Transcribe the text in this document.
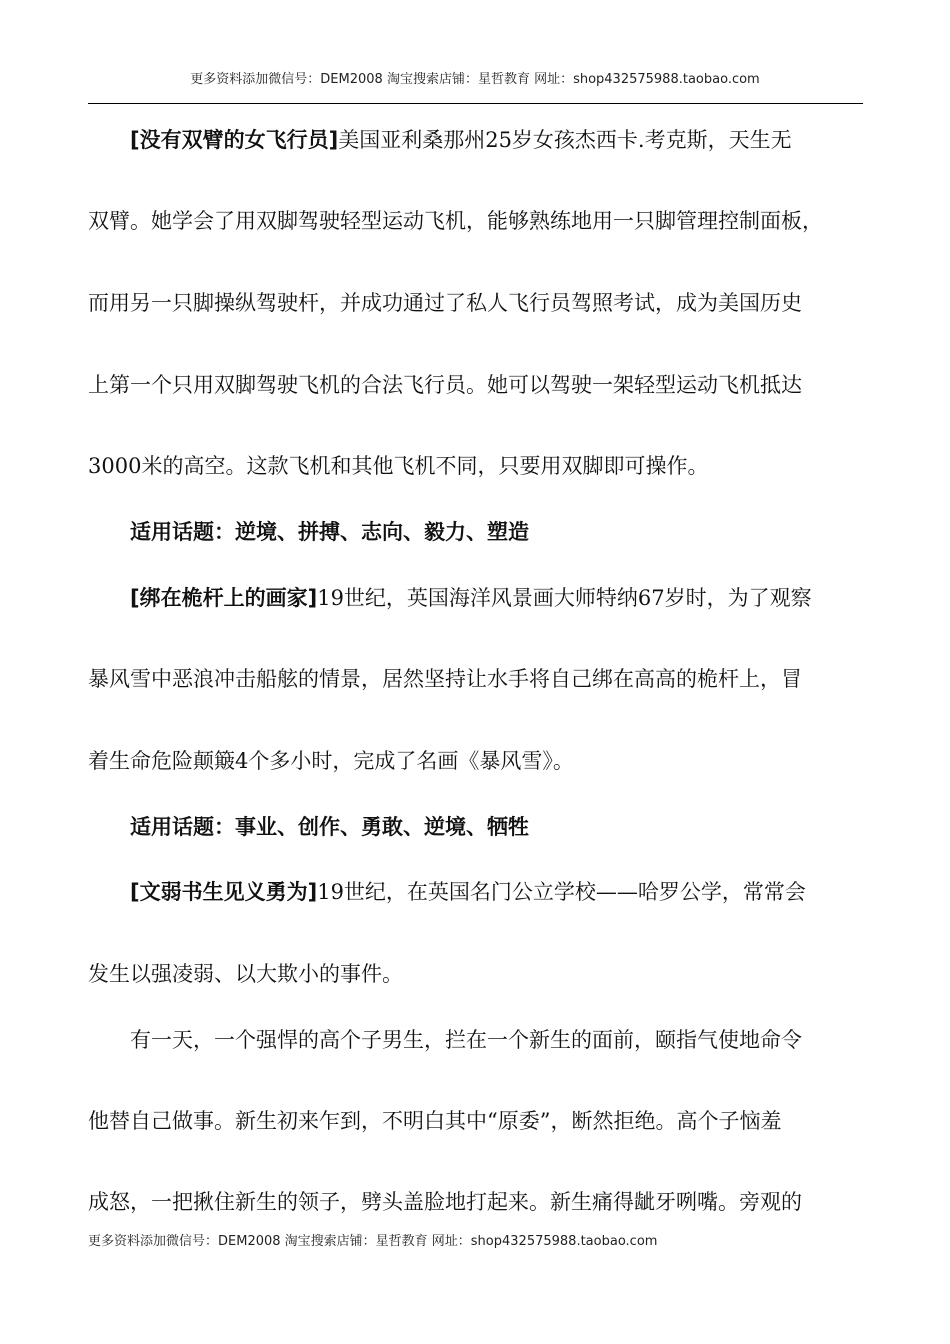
更多资料添加微信号：DEM2008 淘宝搜索店铺：星哲教育 网址：shop432575988.taobao.com
[没有双臂的女飞行员]美国亚利桑那州25岁女孩杰西卡.考克斯，天生无
双臂。她学会了用双脚驾驶轻型运动飞机，能够熟练地用一只脚管理控制面板，
而用另一只脚操纵驾驶杆，并成功通过了私人飞行员驾照考试，成为美国历史
上第一个只用双脚驾驶飞机的合法飞行员。她可以驾驶一架轻型运动飞机抵达
3000米的高空。这款飞机和其他飞机不同，只要用双脚即可操作。
适用话题：逆境、拼搏、志向、毅力、塑造
[绑在桅杆上的画家]19世纪，英国海洋风景画大师特纳67岁时，为了观察
暴风雪中恶浪冲击船舷的情景，居然坚持让水手将自己绑在高高的桅杆上，冒
着生命危险颠簸4个多小时，完成了名画《暴风雪》。
适用话题：事业、创作、勇敢、逆境、牺牲
[文弱书生见义勇为]19世纪，在英国名门公立学校——哈罗公学，常常会
发生以强凌弱、以大欺小的事件。
有一天，一个强悍的高个子男生，拦在一个新生的面前，颐指气使地命令
他替自己做事。新生初来乍到，不明白其中“原委”，断然拒绝。高个子恼羞
成怒，一把揪住新生的领子，劈头盖脸地打起来。新生痛得龇牙咧嘴。旁观的
更多资料添加微信号：DEM2008 淘宝搜索店铺：星哲教育 网址：shop432575988.taobao.com
